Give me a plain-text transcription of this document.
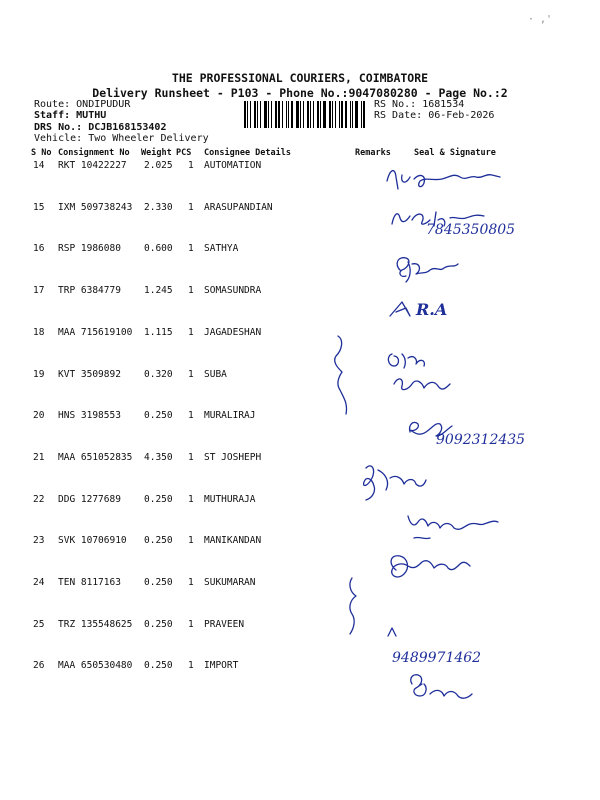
· ,'
THE PROFESSIONAL COURIERS, COIMBATORE
Delivery Runsheet - P103 - Phone No.:9047080280 - Page No.:2
Route: ONDIPUDUR
Staff: MUTHU
DRS No.: DCJB168153402
Vehicle: Two Wheeler Delivery
RS No.: 1681534
RS Date: 06-Feb-2026
S No Consignment No Weight PCS Consignee Details	Remarks	Seal & Signature
14 RKT 10422227 2.025 1 AUTOMATION
15 IXM 509738243 2.330 1 ARASUPANDIAN
16 RSP 1986080 0.600 1 SATHYA
17 TRP 6384779 1.245 1 SOMASUNDRA
18 MAA 715619100 1.115 1 JAGADESHAN
19 KVT 3509892 0.320 1 SUBA
20 HNS 3198553 0.250 1 MURALIRAJ
21 MAA 651052835 4.350 1 ST JOSHEPH
22 DDG 1277689 0.250 1 MUTHURAJA
23 SVK 10706910 0.250 1 MANIKANDAN
24 TEN 8117163 0.250 1 SUKUMARAN
25 TRZ 135548625 0.250 1 PRAVEEN
26 MAA 650530480 0.250 1 IMPORT
7845350805
R.A
9092312435
9489971462
